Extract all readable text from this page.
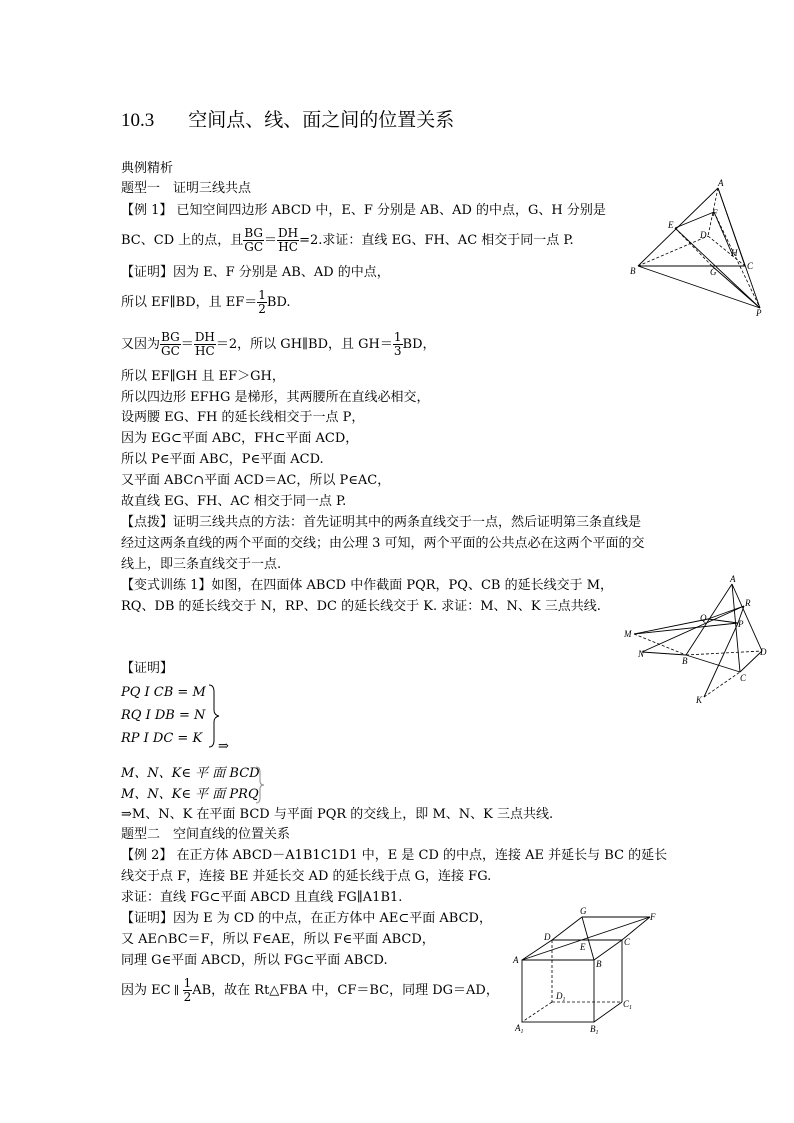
10.3 空间点、线、面之间的位置关系
典例精析
题型一　证明三线共点
【例 1】 已知空间四边形 ABCD 中，E、F 分别是 AB、AD 的中点，G、H 分别是
BC、CD 上的点，且 $\frac{BG}{GC} = \frac{DH}{HC} =2$.求证：直线 EG、FH、AC 相交于同一点 P.
【证明】因为 E、F 分别是 AB、AD 的中点，
所以 EF∥BD，且 $EF= \frac{1}{2}$ BD.
又因为 $\frac{BG}{GC} = \frac{DH}{HC} =2$，所以 GH∥BD，且 $GH= \frac{1}{3}$ BD，
所以 EF∥GH 且 EF＞GH，
所以四边形 EFHG 是梯形，其两腰所在直线必相交，
设两腰 EG、FH 的延长线相交于一点 P，
因为 EG⊂平面 ABC，FH⊂平面 ACD，
所以 P∈平面 ABC，P∈平面 ACD.
又平面 ABC∩平面 ACD＝AC，所以 P∈AC，
故直线 EG、FH、AC 相交于同一点 P.
【点拨】证明三线共点的方法：首先证明其中的两条直线交于一点，然后证明第三条直线是
经过这两条直线的两个平面的交线；由公理 3 可知，两个平面的公共点必在这两个平面的交
线上，即三条直线交于一点.
【变式训练 1】如图，在四面体 ABCD 中作截面 PQR，PQ、CB 的延长线交于 M，
RQ、DB 的延长线交于 N，RP、DC 的延长线交于 K. 求证：M、N、K 三点共线.
【证明】
PQ I CB = M
RQ I DB = N
RP I DC = K
⇒
M、N、K∈ 平 面 BCD
M、N、K∈ 平 面 PRQ
⇒M、N、K 在平面 BCD 与平面 PQR 的交线上，即 M、N、K 三点共线.
题型二　空间直线的位置关系
【例 2】 在正方体 ABCD－A1B1C1D1 中，E 是 CD 的中点，连接 AE 并延长与 BC 的延长
线交于点 F，连接 BE 并延长交 AD 的延长线于点 G，连接 FG.
求证：直线 FG⊂平面 ABCD 且直线 FG∥A1B1.
【证明】因为 E 为 CD 的中点，在正方体中 AE⊂平面 ABCD，
又 AE∩BC＝F，所以 F∈AE，所以 F∈平面 ABCD，
同理 G∈平面 ABCD，所以 FG⊂平面 ABCD.
因为 EC ∥ $\frac{1}{2}$ AB，故在 Rt△FBA 中，CF＝BC，同理 DG＝AD，
A
B	C
D
E
F
G
H
P
A
B
C
D
M
N
K
P
Q
R
G
F
D
E	C
A	B
$D_1$	$C_1$
$A_1$	$B_1$
